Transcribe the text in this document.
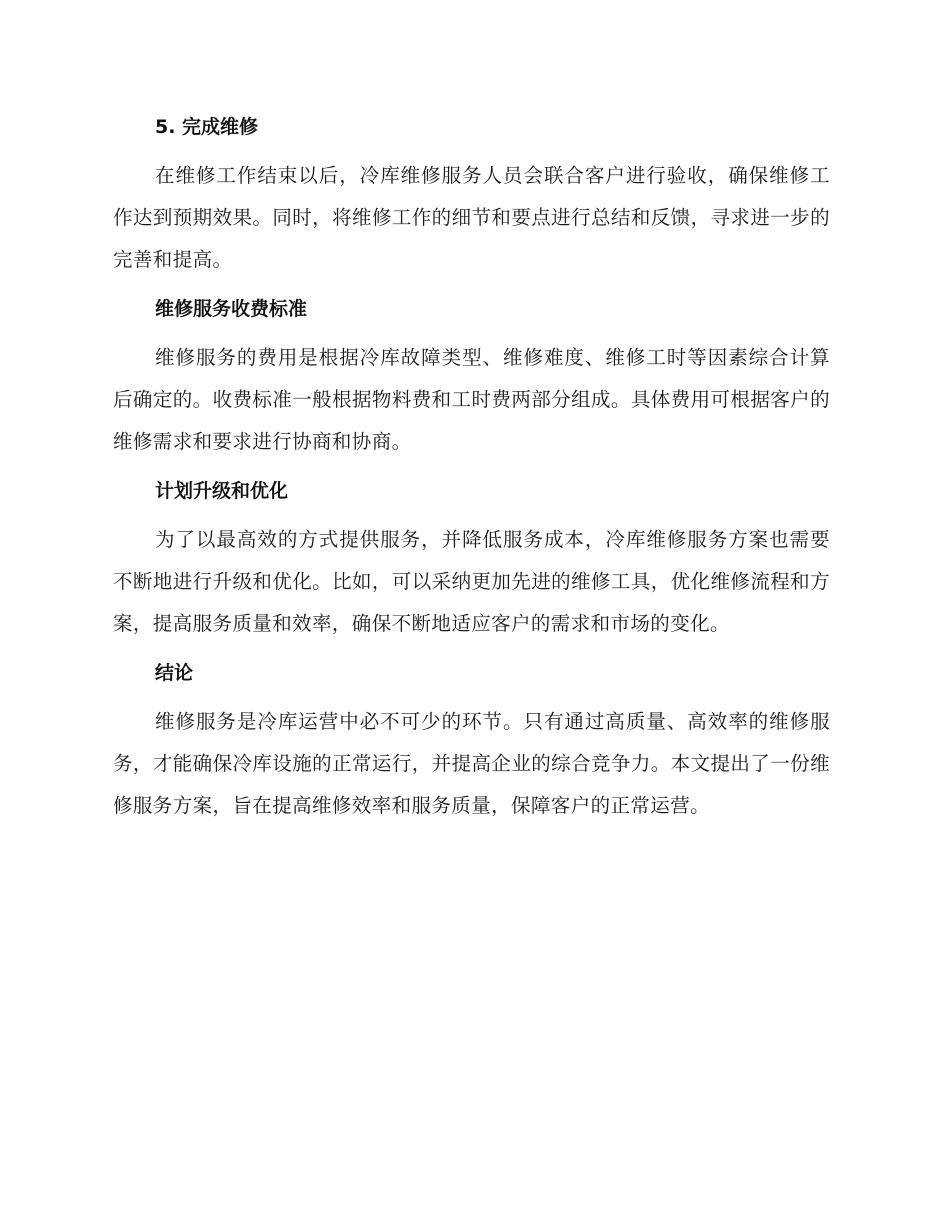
5. 完成维修

在维修工作结束以后，冷库维修服务人员会联合客户进行验收，确保维修工作达到预期效果。同时，将维修工作的细节和要点进行总结和反馈，寻求进一步的完善和提高。

维修服务收费标准

维修服务的费用是根据冷库故障类型、维修难度、维修工时等因素综合计算后确定的。收费标准一般根据物料费和工时费两部分组成。具体费用可根据客户的维修需求和要求进行协商和协商。

计划升级和优化

为了以最高效的方式提供服务，并降低服务成本，冷库维修服务方案也需要不断地进行升级和优化。比如，可以采纳更加先进的维修工具，优化维修流程和方案，提高服务质量和效率，确保不断地适应客户的需求和市场的变化。

结论

维修服务是冷库运营中必不可少的环节。只有通过高质量、高效率的维修服务，才能确保冷库设施的正常运行，并提高企业的综合竞争力。本文提出了一份维修服务方案，旨在提高维修效率和服务质量，保障客户的正常运营。
